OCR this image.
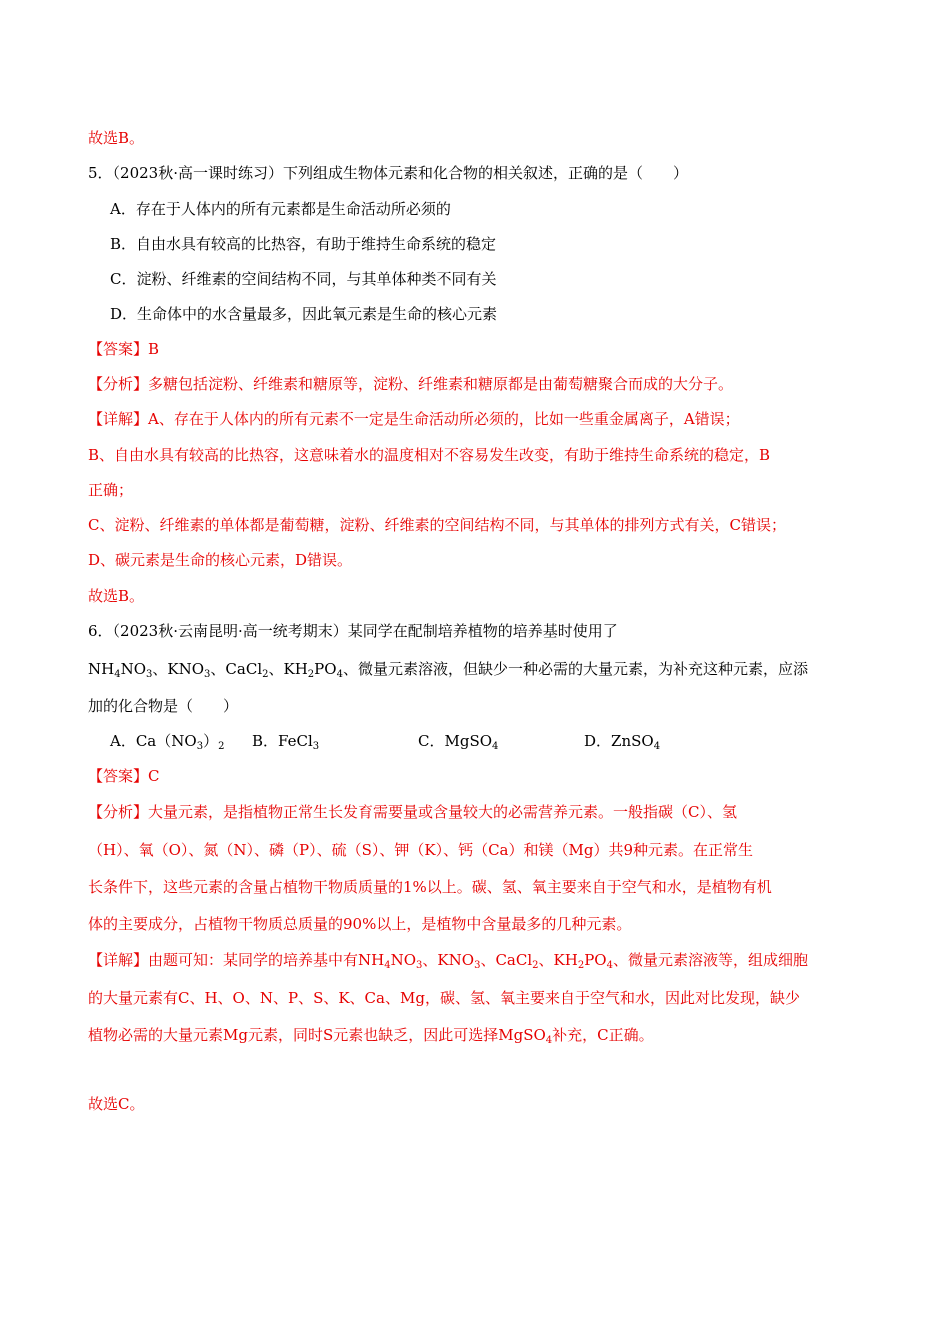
故选B。
5．（2023秋·高一课时练习）下列组成生物体元素和化合物的相关叙述，正确的是（　　）
A．存在于人体内的所有元素都是生命活动所必须的
B．自由水具有较高的比热容，有助于维持生命系统的稳定
C．淀粉、纤维素的空间结构不同，与其单体种类不同有关
D．生命体中的水含量最多，因此氧元素是生命的核心元素
【答案】B
【分析】多糖包括淀粉、纤维素和糖原等，淀粉、纤维素和糖原都是由葡萄糖聚合而成的大分子。
【详解】A、存在于人体内的所有元素不一定是生命活动所必须的，比如一些重金属离子，A错误；
B、自由水具有较高的比热容，这意味着水的温度相对不容易发生改变，有助于维持生命系统的稳定，B
正确；
C、淀粉、纤维素的单体都是葡萄糖，淀粉、纤维素的空间结构不同，与其单体的排列方式有关，C错误；
D、碳元素是生命的核心元素，D错误。
故选B。
6．（2023秋·云南昆明·高一统考期末）某同学在配制培养植物的培养基时使用了
$NH_4NO_3$、$KNO_3$、CaCl$_2$、$KH_2PO_4$、微量元素溶液，但缺少一种必需的大量元素，为补充这种元素，应添
加的化合物是（　　）
A．$Ca(NO_3)_2$ B．FeCl$_3$	C．MgSO$_4$	D．ZnSO$_4$
【答案】C
【分析】大量元素，是指植物正常生长发育需要量或含量较大的必需营养元素。一般指碳（C）、氢
（H）、氧（O）、氮（N）、磷（P）、硫（S）、钾（K）、钙（Ca）和镁（Mg）共9种元素。在正常生
长条件下，这些元素的含量占植物干物质质量的1%以上。碳、氢、氧主要来自于空气和水，是植物有机
体的主要成分，占植物干物质总质量的90%以上，是植物中含量最多的几种元素。
【详解】由题可知：某同学的培养基中有$NH_4NO_3$、$KNO_3$、CaCl$_2$、$KH_2PO_4$、微量元素溶液等，组成细胞
的大量元素有C、H、O、N、P、S、K、Ca、Mg，碳、氢、氧主要来自于空气和水，因此对比发现，缺少
植物必需的大量元素Mg元素，同时S元素也缺乏，因此可选择MgSO$_4$补充，C正确。
故选C。
